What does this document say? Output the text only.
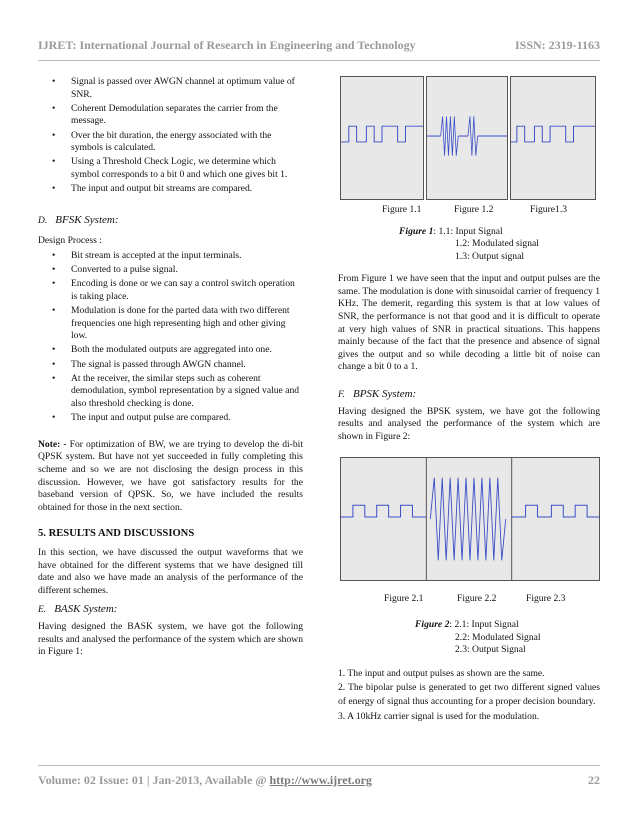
IJRET: International Journal of Research in Engineering and Technology	ISSN: 2319-1163
• Signal is passed over AWGN channel at optimum value of SNR.
• Coherent Demodulation separates the carrier from the message.
• Over the bit duration, the energy associated with the symbols is calculated.
• Using a Threshold Check Logic, we determine which symbol corresponds to a bit 0 and which one gives bit 1.
• The input and output bit streams are compared.
D. BFSK System:

Design Process :

• Bit stream is accepted at the input terminals.
• Converted to a pulse signal.
• Encoding is done or we can say a control switch operation is taking place.
• Modulation is done for the parted data with two different frequencies one high representing high and other giving low.
• Both the modulated outputs are aggregated into one.
• The signal is passed through AWGN channel.
• At the receiver, the similar steps such as coherent demodulation, symbol representation by a signed value and also threshold checking is done.
• The input and output pulse are compared.

Note: - For optimization of BW, we are trying to develop the di-bit QPSK system. But have not yet succeeded in fully completing this scheme and so we are not disclosing the design process in this discussion. However, we have got satisfactory results for the baseband version of QPSK. So, we have included the results obtained for those in the next section.

5. RESULTS AND DISCUSSIONS

In this section, we have discussed the output waveforms that we have obtained for the different systems that we have designed till date and also we have made an analysis of the performance of the different schemes.

E. BASK System:

Having designed the BASK system, we have got the following results and analysed the performance of the system which are shown in Figure 1:

Figure 1.1	Figure 1.2	Figure1.3
Figure 1: 1.1: Input Signal
1.2: Modulated signal
1.3: Output signal

From Figure 1 we have seen that the input and output pulses are the same. The modulation is done with sinusoidal carrier of frequency 1 KHz. The demerit, regarding this system is that at low values of SNR, the performance is not that good and it is difficult to operate at very high values of SNR in practical situations. This happens mainly because of the fact that the presence and absence of signal gives the output and so while decoding a little bit of noise can change a bit 0 to a 1.

F. BPSK System:

Having designed the BPSK system, we have got the following results and analysed the performance of the system which are shown in Figure 2:

Figure 2.1	Figure 2.2	Figure 2.3
Figure 2: 2.1: Input Signal
2.2: Modulated Signal
2.3: Output Signal

1. The input and output pulses as shown are the same.

2. The bipolar pulse is generated to get two different signed values of energy of signal thus accounting for a proper decision boundary.

3. A 10kHz carrier signal is used for the modulation.

Volume: 02 Issue: 01 | Jan-2013, Available @ http://www.ijret.org	22
